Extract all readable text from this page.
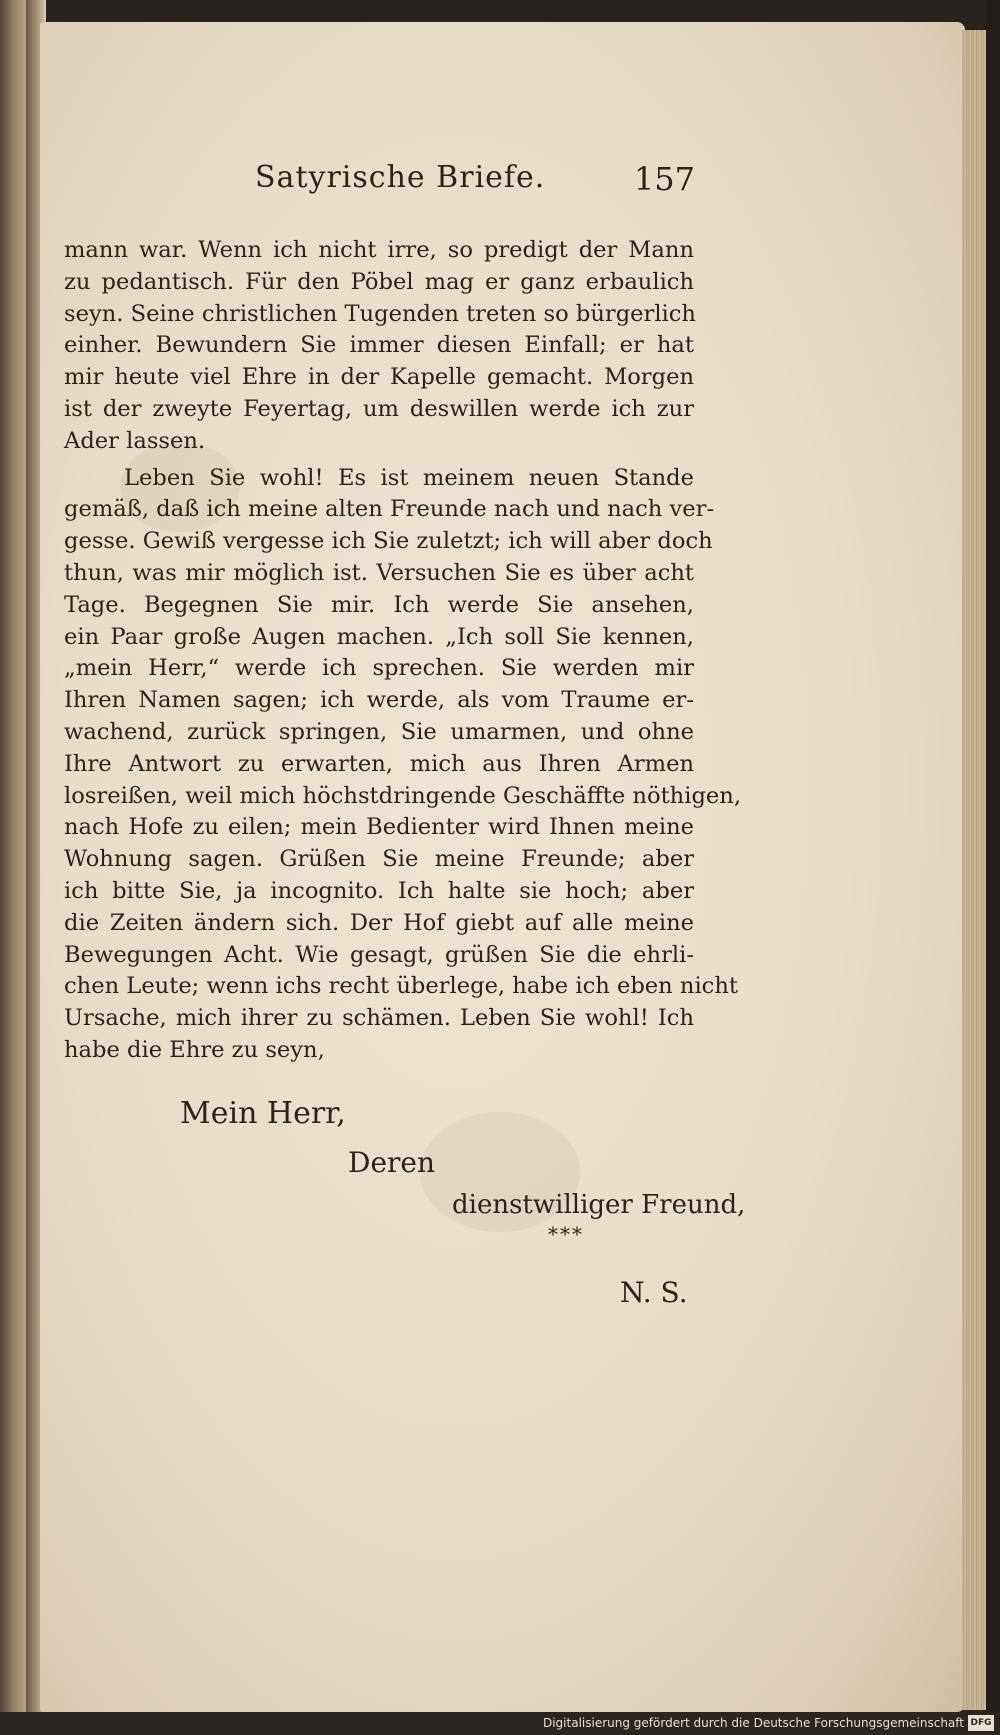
Satyrische Briefe.	157
mann war. Wenn ich nicht irre, so predigt der Mann
zu pedantisch. Für den Pöbel mag er ganz erbaulich
seyn. Seine christlichen Tugenden treten so bürgerlich
einher. Bewundern Sie immer diesen Einfall; er hat
mir heute viel Ehre in der Kapelle gemacht. Morgen
ist der zweyte Feyertag, um deswillen werde ich zur
Ader lassen.
Leben Sie wohl! Es ist meinem neuen Stande
gemäß, daß ich meine alten Freunde nach und nach ver-
gesse. Gewiß vergesse ich Sie zuletzt; ich will aber doch
thun, was mir möglich ist. Versuchen Sie es über acht
Tage. Begegnen Sie mir. Ich werde Sie ansehen,
ein Paar große Augen machen. „Ich soll Sie kennen,
„mein Herr,“ werde ich sprechen. Sie werden mir
Ihren Namen sagen; ich werde, als vom Traume er-
wachend, zurück springen, Sie umarmen, und ohne
Ihre Antwort zu erwarten, mich aus Ihren Armen
losreißen, weil mich höchstdringende Geschäffte nöthigen,
nach Hofe zu eilen; mein Bedienter wird Ihnen meine
Wohnung sagen. Grüßen Sie meine Freunde; aber
ich bitte Sie, ja incognito. Ich halte sie hoch; aber
die Zeiten ändern sich. Der Hof giebt auf alle meine
Bewegungen Acht. Wie gesagt, grüßen Sie die ehrli-
chen Leute; wenn ichs recht überlege, habe ich eben nicht
Ursache, mich ihrer zu schämen. Leben Sie wohl! Ich
habe die Ehre zu seyn,
Mein Herr,
Deren
dienstwilliger Freund,
***
N. S.
Digitalisierung gefördert durch die Deutsche Forschungsgemeinschaft DFG
